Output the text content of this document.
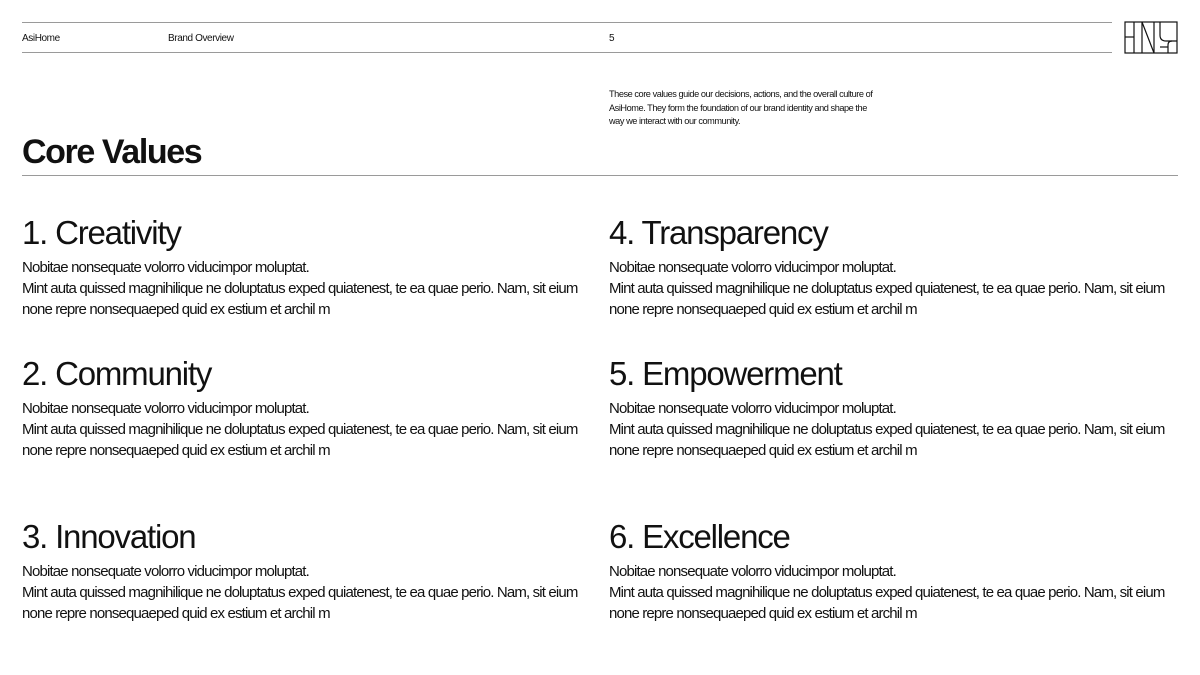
AsiHome	Brand Overview	5
Core Values

These core values guide our decisions, actions, and the overall culture of AsiHome. They form the foundation of our brand identity and shape the way we interact with our community.

1. Creativity

Nobitae nonsequate volorro viducimpor moluptat.
Mint auta quissed magnihilique ne doluptatus exped quiatenest, te ea quae perio. Nam, sit eium none repre nonsequaeped quid ex estium et archil m

2. Community

Nobitae nonsequate volorro viducimpor moluptat.
Mint auta quissed magnihilique ne doluptatus exped quiatenest, te ea quae perio. Nam, sit eium none repre nonsequaeped quid ex estium et archil m

3. Innovation

Nobitae nonsequate volorro viducimpor moluptat.
Mint auta quissed magnihilique ne doluptatus exped quiatenest, te ea quae perio. Nam, sit eium none repre nonsequaeped quid ex estium et archil m

4. Transparency

Nobitae nonsequate volorro viducimpor moluptat.
Mint auta quissed magnihilique ne doluptatus exped quiatenest, te ea quae perio. Nam, sit eium none repre nonsequaeped quid ex estium et archil m

5. Empowerment

Nobitae nonsequate volorro viducimpor moluptat.
Mint auta quissed magnihilique ne doluptatus exped quiatenest, te ea quae perio. Nam, sit eium none repre nonsequaeped quid ex estium et archil m

6. Excellence

Nobitae nonsequate volorro viducimpor moluptat.
Mint auta quissed magnihilique ne doluptatus exped quiatenest, te ea quae perio. Nam, sit eium none repre nonsequaeped quid ex estium et archil m
